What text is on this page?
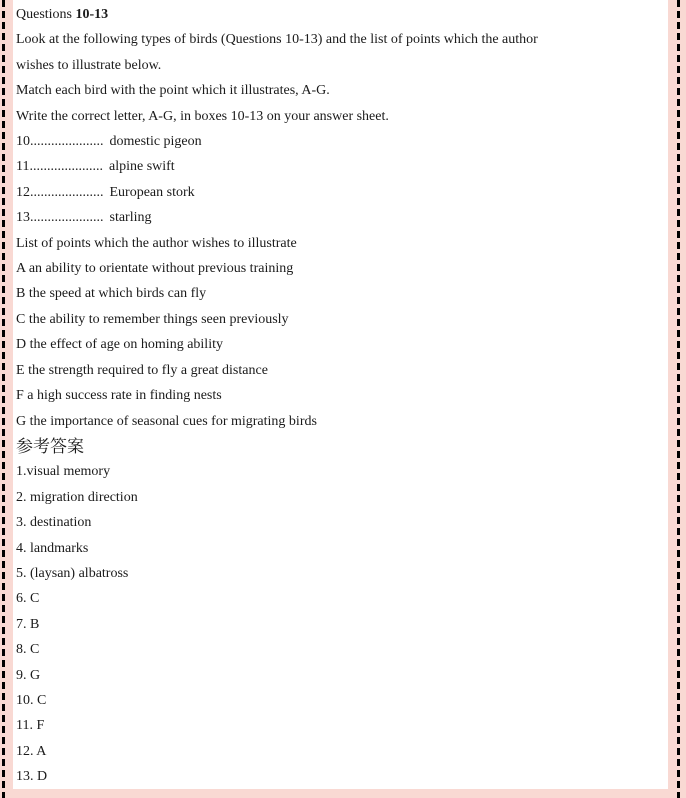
Questions 10-13

Look at the following types of birds (Questions 10-13) and the list of points which the author

wishes to illustrate below.

Match each bird with the point which it illustrates, A-G.

Write the correct letter, A-G, in boxes 10-13 on your answer sheet.

10..................... domestic pigeon

11..................... alpine swift

12..................... European stork

13..................... starling

List of points which the author wishes to illustrate

A an ability to orientate without previous training

B the speed at which birds can fly

C the ability to remember things seen previously

D the effect of age on homing ability

E the strength required to fly a great distance

F a high success rate in finding nests

G the importance of seasonal cues for migrating birds

参考答案

1.visual memory

2. migration direction

3. destination

4. landmarks

5. (laysan) albatross

6. C

7. B

8. C

9. G

10. C

11. F

12. A

13. D
